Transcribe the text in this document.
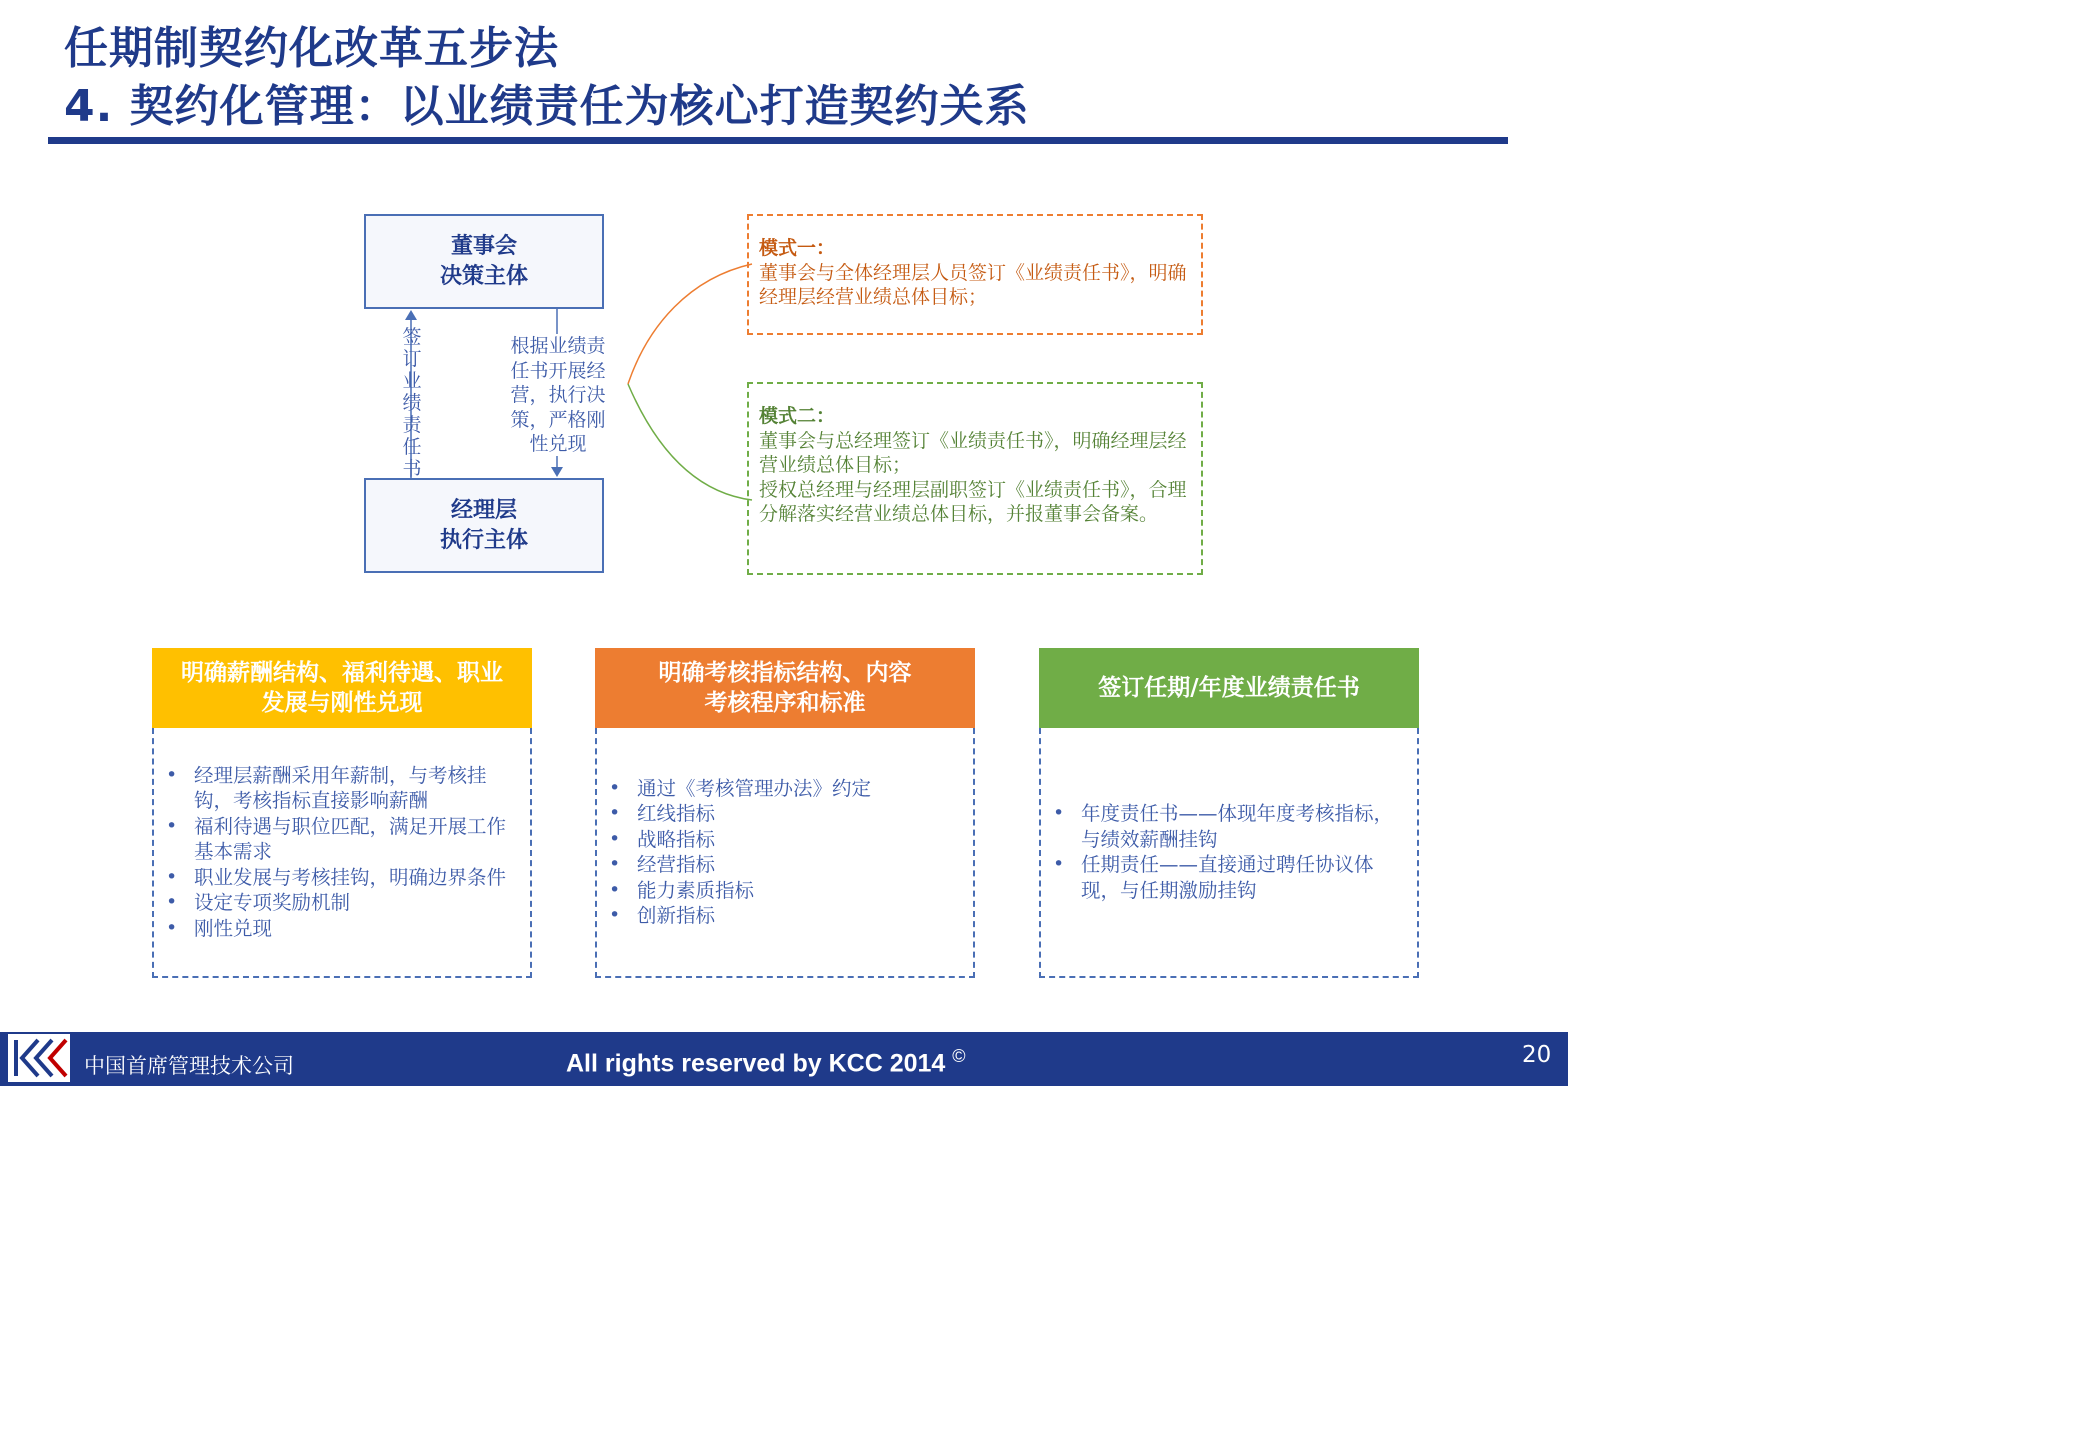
任期制契约化改革五步法
4. 契约化管理：以业绩责任为核心打造契约关系
董事会
决策主体
经理层
执行主体
签订业绩责任书
根据业绩责任书开展经营，执行决策，严格刚性兑现
模式一：
董事会与全体经理层人员签订《业绩责任书》，明确经理层经营业绩总体目标；
模式二：
董事会与总经理签订《业绩责任书》，明确经理层经营业绩总体目标；
授权总经理与经理层副职签订《业绩责任书》，合理分解落实经营业绩总体目标，并报董事会备案。
明确薪酬结构、福利待遇、职业
发展与刚性兑现
• 经理层薪酬采用年薪制，与考核挂钩，考核指标直接影响薪酬
• 福利待遇与职位匹配，满足开展工作基本需求
• 职业发展与考核挂钩，明确边界条件
• 设定专项奖励机制
• 刚性兑现
明确考核指标结构、内容
考核程序和标准
• 通过《考核管理办法》约定
• 红线指标
• 战略指标
• 经营指标
• 能力素质指标
• 创新指标
签订任期/年度业绩责任书
• 年度责任书——体现年度考核指标，与绩效薪酬挂钩
• 任期责任——直接通过聘任协议体现，与任期激励挂钩
中国首席管理技术公司	All rights reserved by KCC 2014 ©	20
